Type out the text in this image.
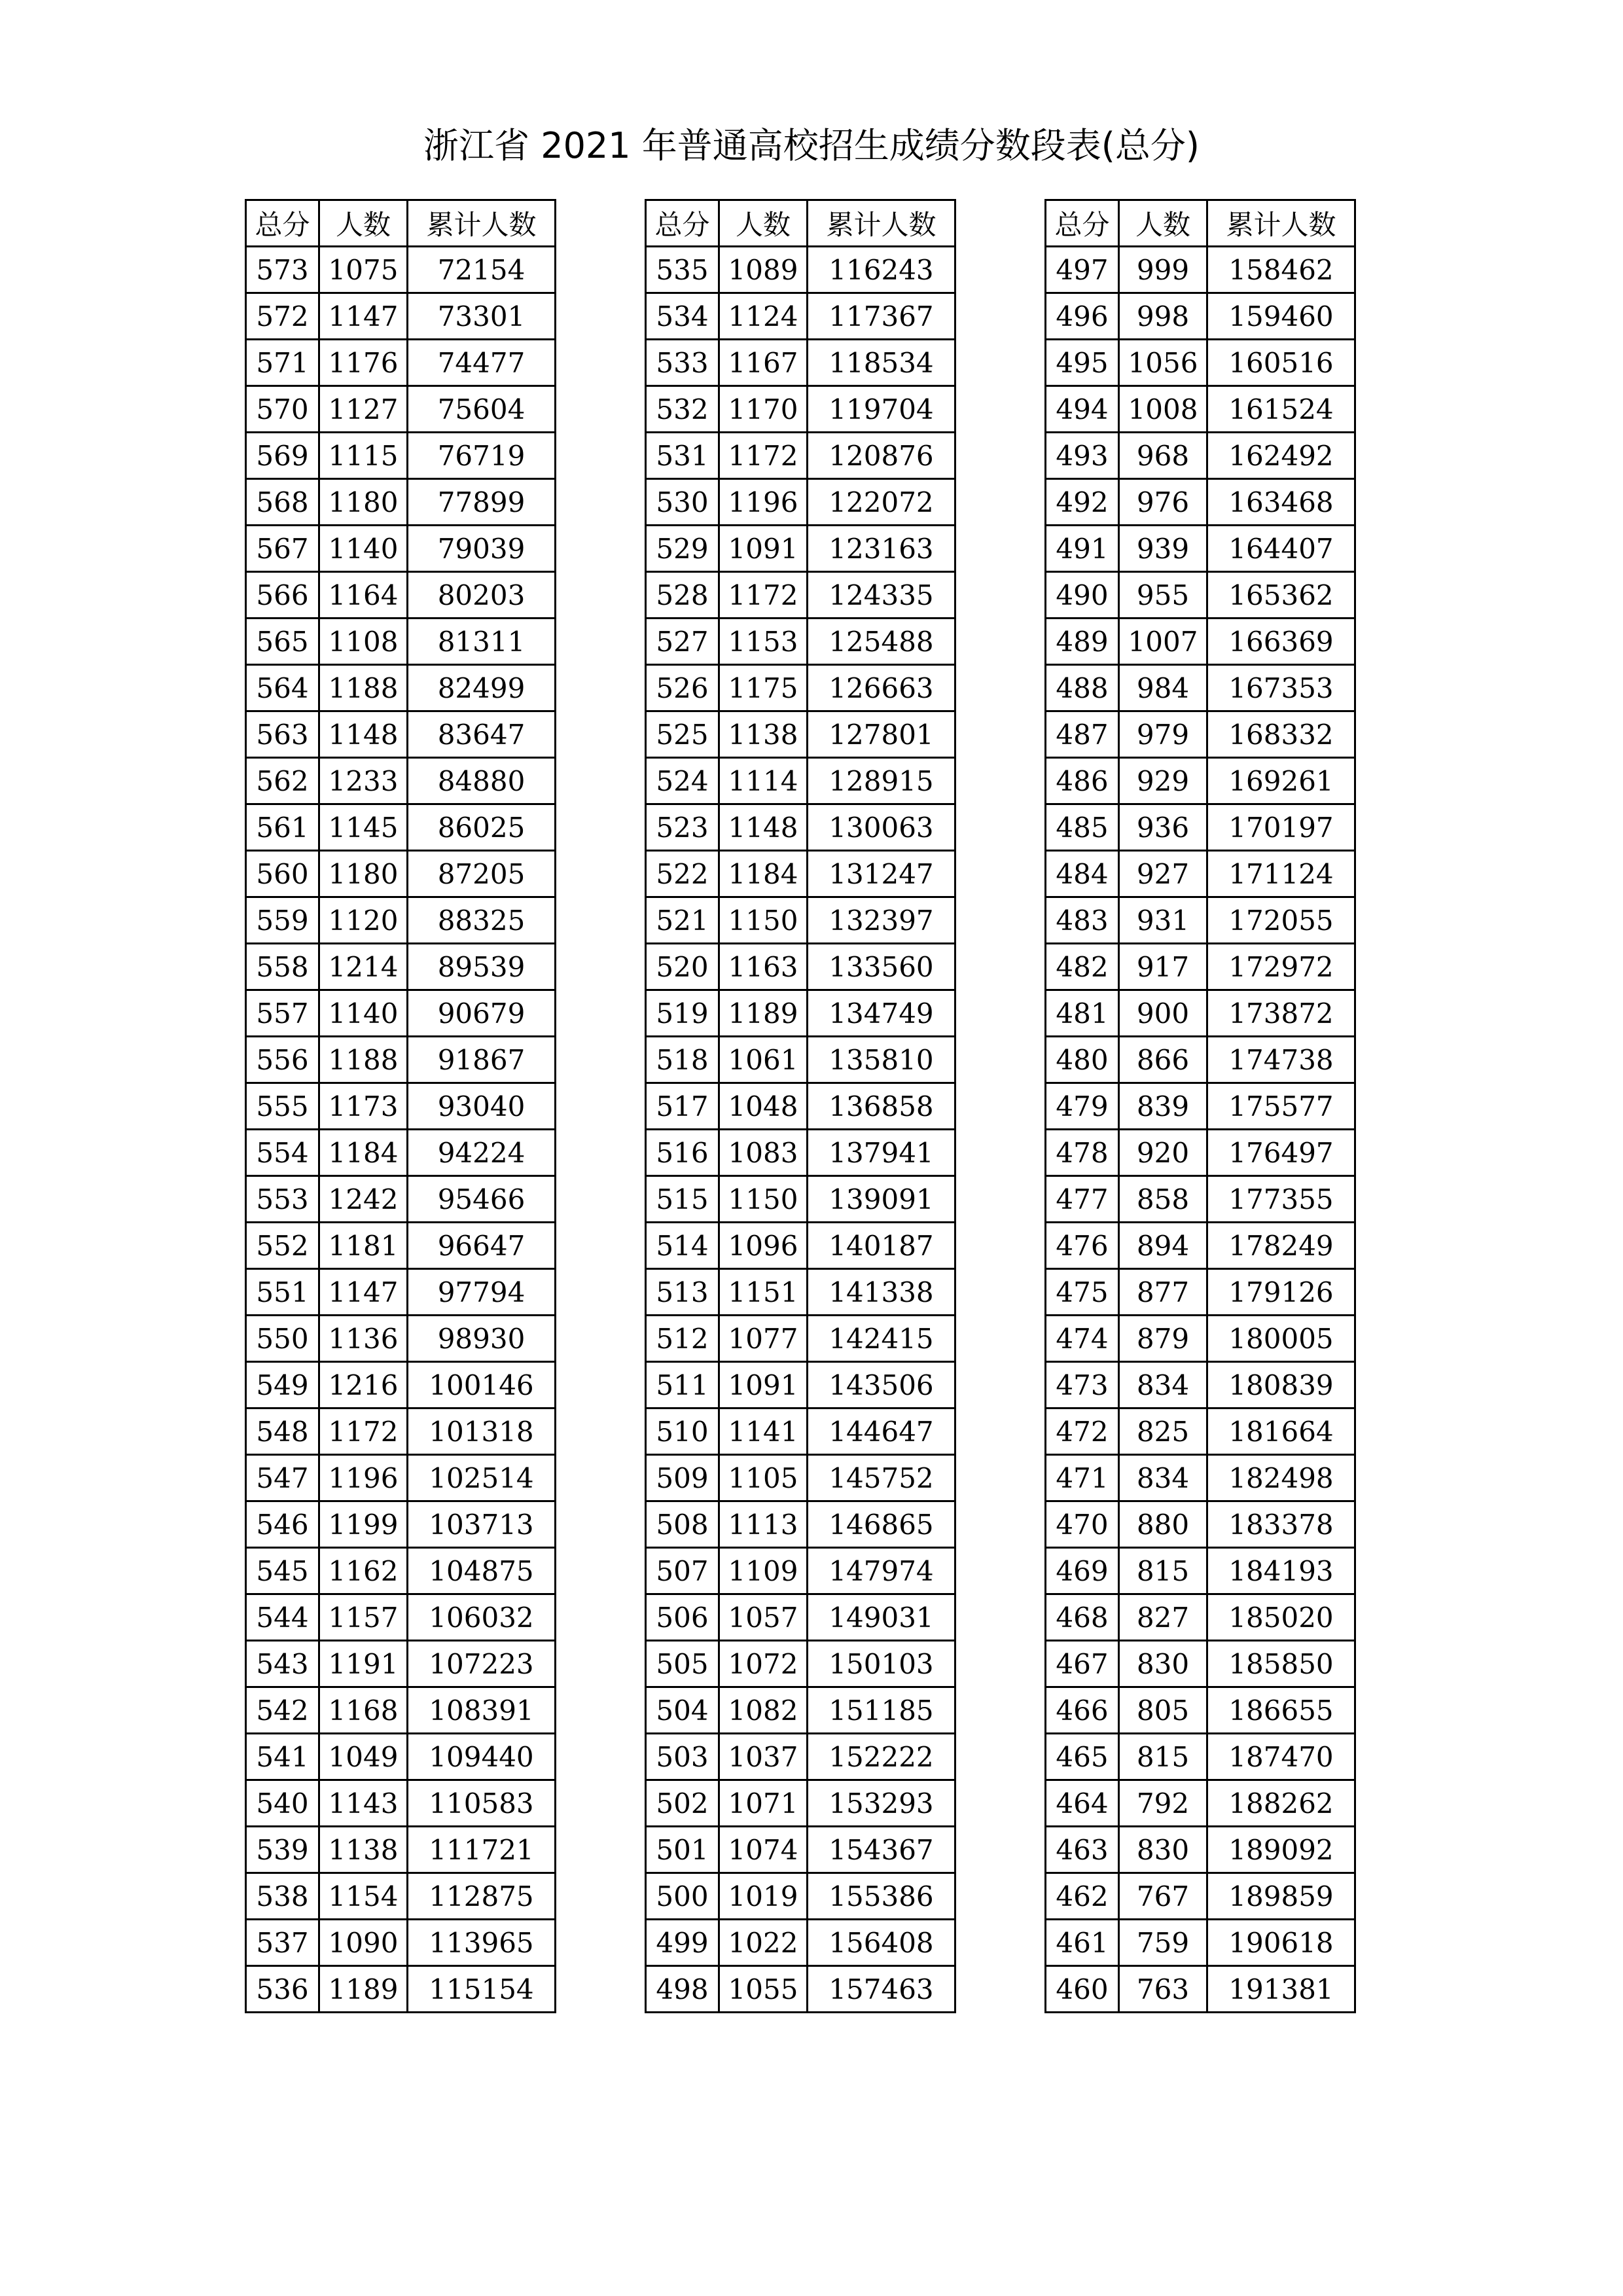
浙江省 2021 年普通高校招生成绩分数段表(总分)
总分	人数	累计人数
573	1075	72154
572	1147	73301
571	1176	74477
570	1127	75604
569	1115	76719
568	1180	77899
567	1140	79039
566	1164	80203
565	1108	81311
564	1188	82499
563	1148	83647
562	1233	84880
561	1145	86025
560	1180	87205
559	1120	88325
558	1214	89539
557	1140	90679
556	1188	91867
555	1173	93040
554	1184	94224
553	1242	95466
552	1181	96647
551	1147	97794
550	1136	98930
549	1216	100146
548	1172	101318
547	1196	102514
546	1199	103713
545	1162	104875
544	1157	106032
543	1191	107223
542	1168	108391
541	1049	109440
540	1143	110583
539	1138	111721
538	1154	112875
537	1090	113965
536	1189	115154
总分	人数	累计人数
535	1089	116243
534	1124	117367
533	1167	118534
532	1170	119704
531	1172	120876
530	1196	122072
529	1091	123163
528	1172	124335
527	1153	125488
526	1175	126663
525	1138	127801
524	1114	128915
523	1148	130063
522	1184	131247
521	1150	132397
520	1163	133560
519	1189	134749
518	1061	135810
517	1048	136858
516	1083	137941
515	1150	139091
514	1096	140187
513	1151	141338
512	1077	142415
511	1091	143506
510	1141	144647
509	1105	145752
508	1113	146865
507	1109	147974
506	1057	149031
505	1072	150103
504	1082	151185
503	1037	152222
502	1071	153293
501	1074	154367
500	1019	155386
499	1022	156408
498	1055	157463
总分	人数	累计人数
497	999	158462
496	998	159460
495	1056	160516
494	1008	161524
493	968	162492
492	976	163468
491	939	164407
490	955	165362
489	1007	166369
488	984	167353
487	979	168332
486	929	169261
485	936	170197
484	927	171124
483	931	172055
482	917	172972
481	900	173872
480	866	174738
479	839	175577
478	920	176497
477	858	177355
476	894	178249
475	877	179126
474	879	180005
473	834	180839
472	825	181664
471	834	182498
470	880	183378
469	815	184193
468	827	185020
467	830	185850
466	805	186655
465	815	187470
464	792	188262
463	830	189092
462	767	189859
461	759	190618
460	763	191381
